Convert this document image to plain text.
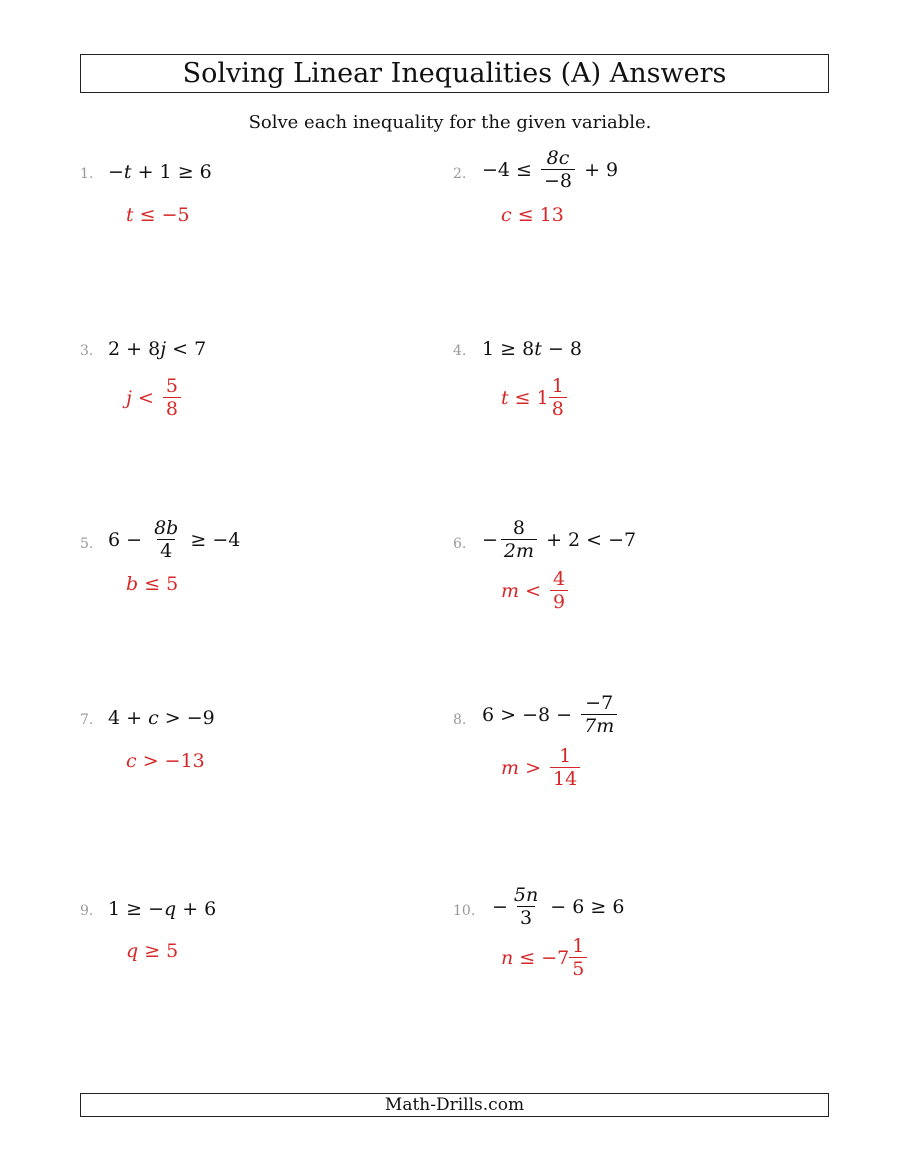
Solving Linear Inequalities (A) Answers
Solve each inequality for the given variable.
1. − t + 1 ≥ 6
t ≤ −5
2. $-4 \le \frac{8c}{-8} + 9$
c ≤ 13
3. 2 + 8 j < 7
$j < \frac{5}{8}$
4. 1 ≥ 8 t − 8
$t \le 1 \frac{1}{8}$
5. $6 - \frac{8b}{4} \ge -4$
b ≤ 5
6. − $\frac{8}{2m} + 2 < -7$
$m < \frac{4}{9}$
7. 4 + c > −9
c > −13
8. $6 > -8 - \frac{-7}{7m}$
$m > \frac{1}{14}$
9. 1 ≥ − q + 6
q ≥ 5
10. − $\frac{5n}{3} - 6 \ge 6$
$n \le -7 \frac{1}{5}$
Math-Drills.com
